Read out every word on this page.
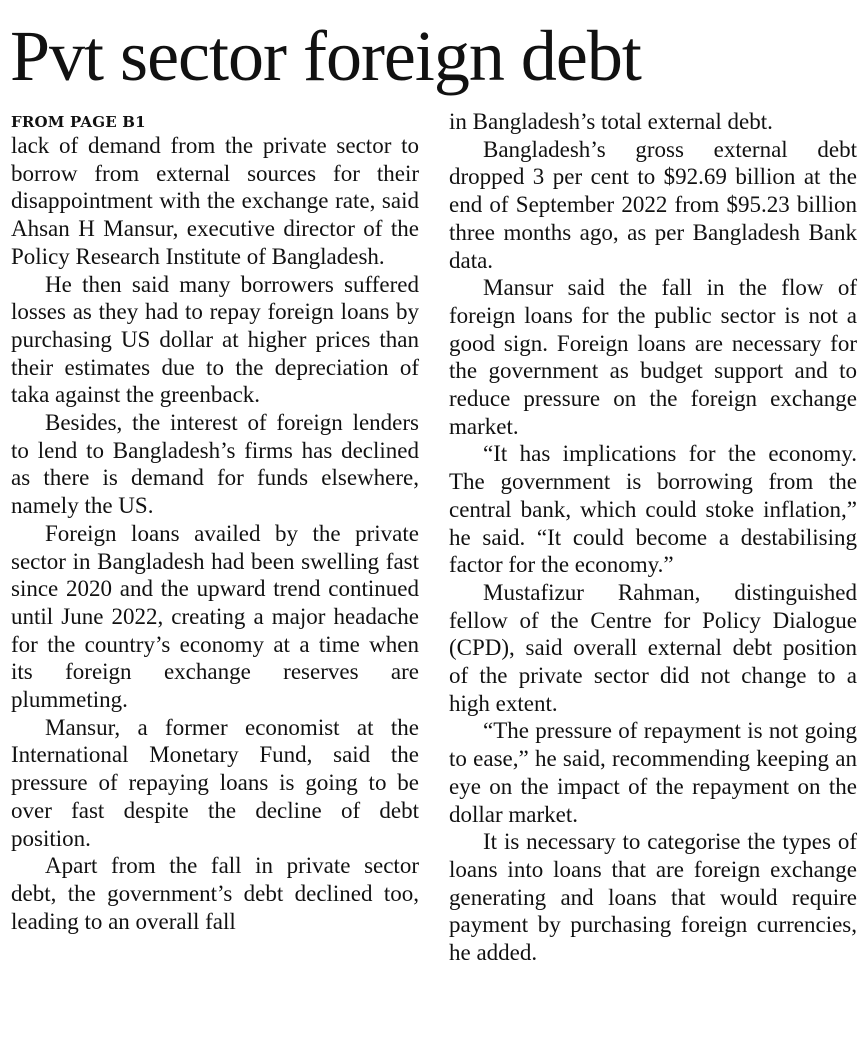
Pvt sector foreign debt
FROM PAGE B1

lack of demand from the private sector to borrow from external sources for their disappointment with the exchange rate, said Ahsan H Mansur, executive director of the Policy Research Institute of Bangladesh.

He then said many borrowers suffered losses as they had to repay foreign loans by purchasing US dollar at higher prices than their estimates due to the depreciation of taka against the greenback.

Besides, the interest of foreign lenders to lend to Bangladesh’s firms has declined as there is demand for funds elsewhere, namely the US.

Foreign loans availed by the private sector in Bangladesh had been swelling fast since 2020 and the upward trend continued until June 2022, creating a major headache for the country’s economy at a time when its foreign exchange reserves are plummeting.

Mansur, a former economist at the International Monetary Fund, said the pressure of repaying loans is going to be over fast despite the decline of debt position.

Apart from the fall in private sector debt, the government’s debt declined too, leading to an overall fall

in Bangladesh’s total external debt.

Bangladesh’s gross external debt dropped 3 per cent to $92.69 billion at the end of September 2022 from $95.23 billion three months ago, as per Bangladesh Bank data.

Mansur said the fall in the flow of foreign loans for the public sector is not a good sign. Foreign loans are necessary for the government as budget support and to reduce pressure on the foreign exchange market.

“It has implications for the economy. The government is borrowing from the central bank, which could stoke inflation,” he said. “It could become a destabilising factor for the economy.”

Mustafizur Rahman, distinguished fellow of the Centre for Policy Dialogue (CPD), said overall external debt position of the private sector did not change to a high extent.

“The pressure of repayment is not going to ease,” he said, recommending keeping an eye on the impact of the repayment on the dollar market.

It is necessary to categorise the types of loans into loans that are foreign exchange generating and loans that would require payment by purchasing foreign currencies, he added.
